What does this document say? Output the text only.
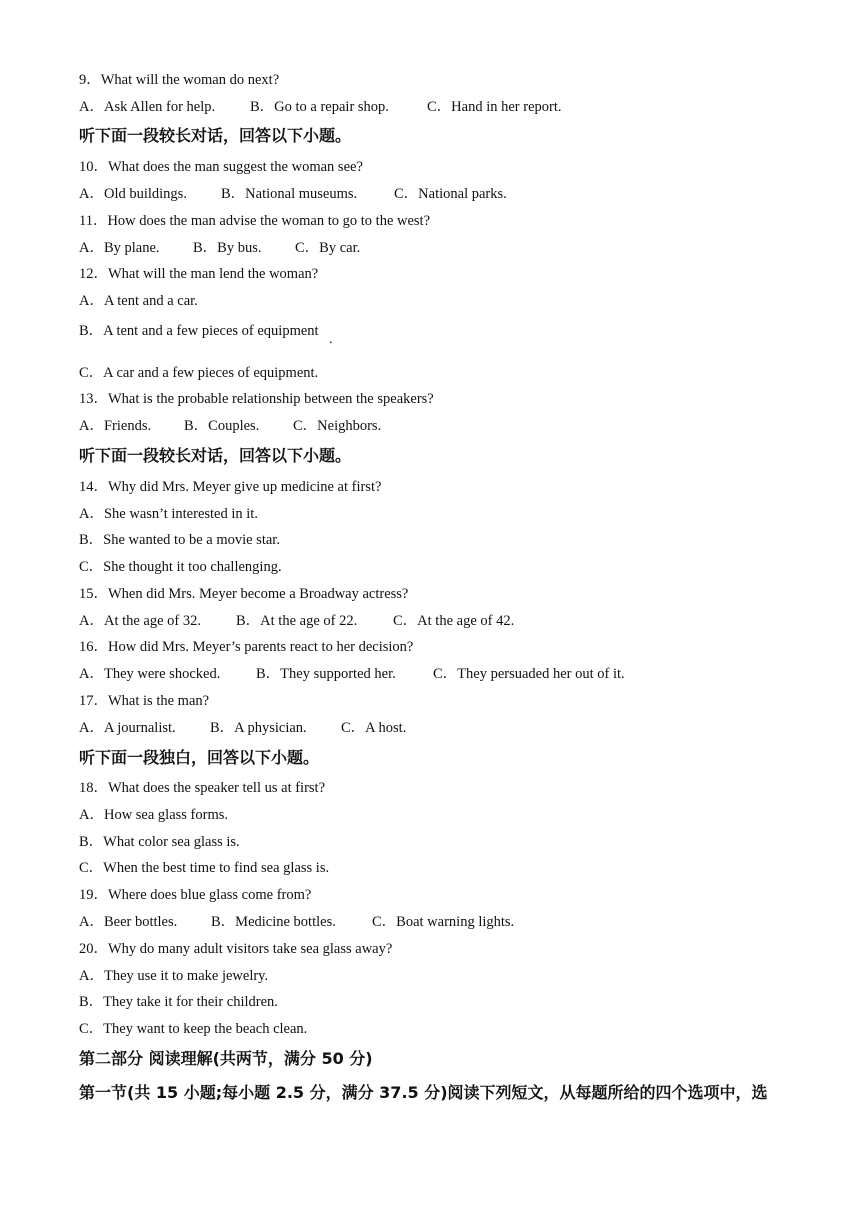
9．What will the woman do next?
A．Ask Allen for help. B．Go to a repair shop.	C．Hand in her report.
听下面一段较长对话，回答以下小题。
10．What does the man suggest the woman see?
A．Old buildings. B．National museums.	C．National parks.
11．How does the man advise the woman to go to the west?
A．By plane. B．By bus. C．By car.
12．What will the man lend the woman?
A．A tent and a car.
B．A tent and a few pieces of equipment
.
C．A car and a few pieces of equipment.
13．What is the probable relationship between the speakers?
A．Friends. B．Couples. C．Neighbors.
听下面一段较长对话，回答以下小题。
14．Why did Mrs. Meyer give up medicine at first?
A．She wasn’t interested in it.
B．She wanted to be a movie star.
C．She thought it too challenging.
15．When did Mrs. Meyer become a Broadway actress?
A．At the age of 32. B．At the age of 22. C．At the age of 42.
16．How did Mrs. Meyer’s parents react to her decision?
A．They were shocked. B．They supported her.	C．They persuaded her out of it.
17．What is the man?
A．A journalist. B．A physician. C．A host.
听下面一段独白，回答以下小题。
18．What does the speaker tell us at first?
A．How sea glass forms.
B．What color sea glass is.
C．When the best time to find sea glass is.
19．Where does blue glass come from?
A．Beer bottles. B．Medicine bottles. C．Boat warning lights.
20．Why do many adult visitors take sea glass away?
A．They use it to make jewelry.
B．They take it for their children.
C．They want to keep the beach clean.
第二部分 阅读理解(共两节，满分 50 分)
第一节(共 15 小题;每小题 2.5 分，满分 37.5 分)阅读下列短文，从每题所给的四个选项中，选
